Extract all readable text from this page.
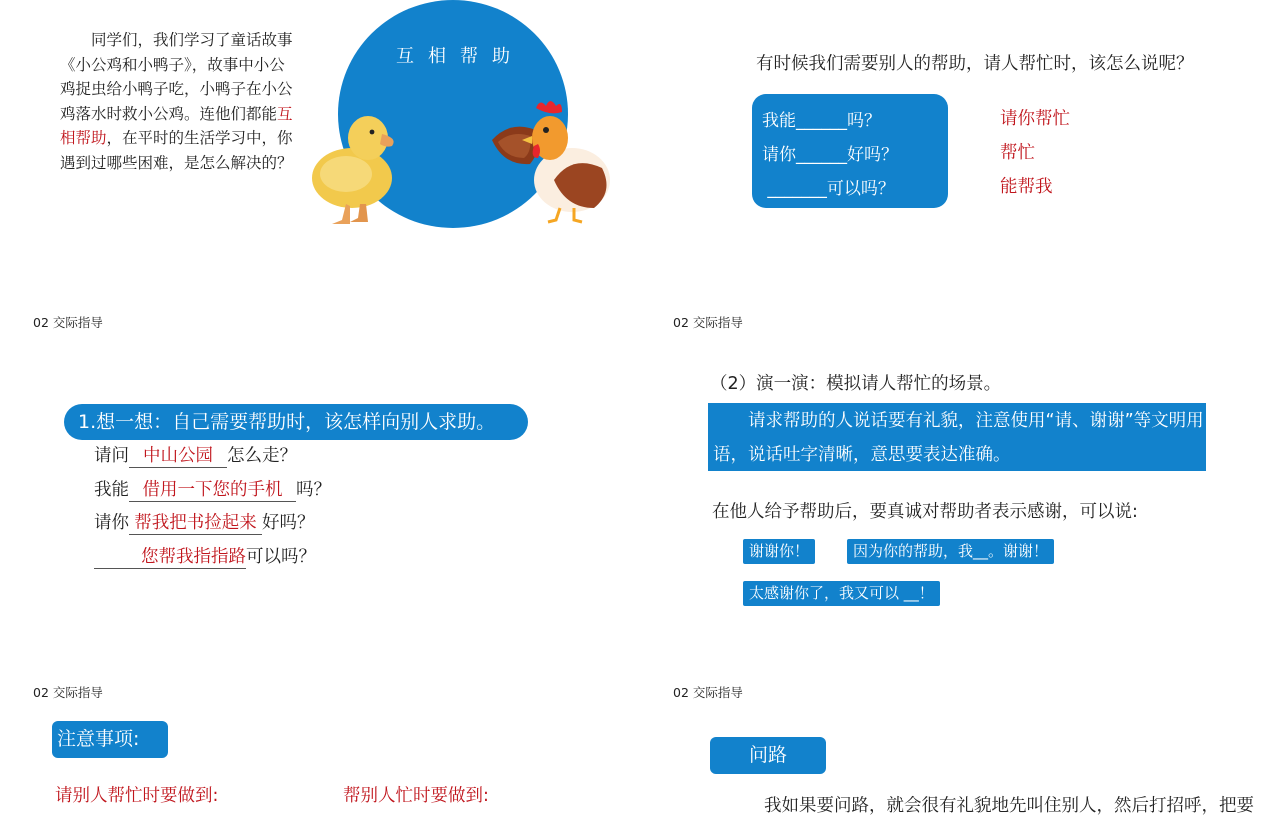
同学们，我们学习了童话故事《小公鸡和小鸭子》，故事中小公鸡捉虫给小鸭子吃，小鸭子在小公鸡落水时救小公鸡。连他们都能互相帮助，在平时的生活学习中，你遇到过哪些困难，是怎么解决的？

互相帮助	有时候我们需要别人的帮助，请人帮忙时，该怎么说呢？
我能______吗？
请你______好吗？
_______可以吗？
请你帮忙
帮忙
能帮我
02 交际指导
1.想一想：自己需要帮助时，该怎样向别人求助。
请问 中山公园 怎么走？
我能 借用一下您的手机 吗？
请你 帮我把书捡起来 好吗？
您帮我指指路可以吗？
02 交际指导
（2）演一演：模拟请人帮忙的场景。
请求帮助的人说话要有礼貌，注意使用“请、谢谢”等文明用语，说话吐字清晰，意思要表达准确。
在他人给予帮助后，要真诚对帮助者表示感谢，可以说:
谢谢你！	因为你的帮助，我__。谢谢！
太感谢你了，我又可以 __！
02 交际指导
注意事项:
请别人帮忙时要做到:	帮别人忙时要做到:
02 交际指导
问路
我如果要问路，就会很有礼貌地先叫住别人，然后打招呼，把要
